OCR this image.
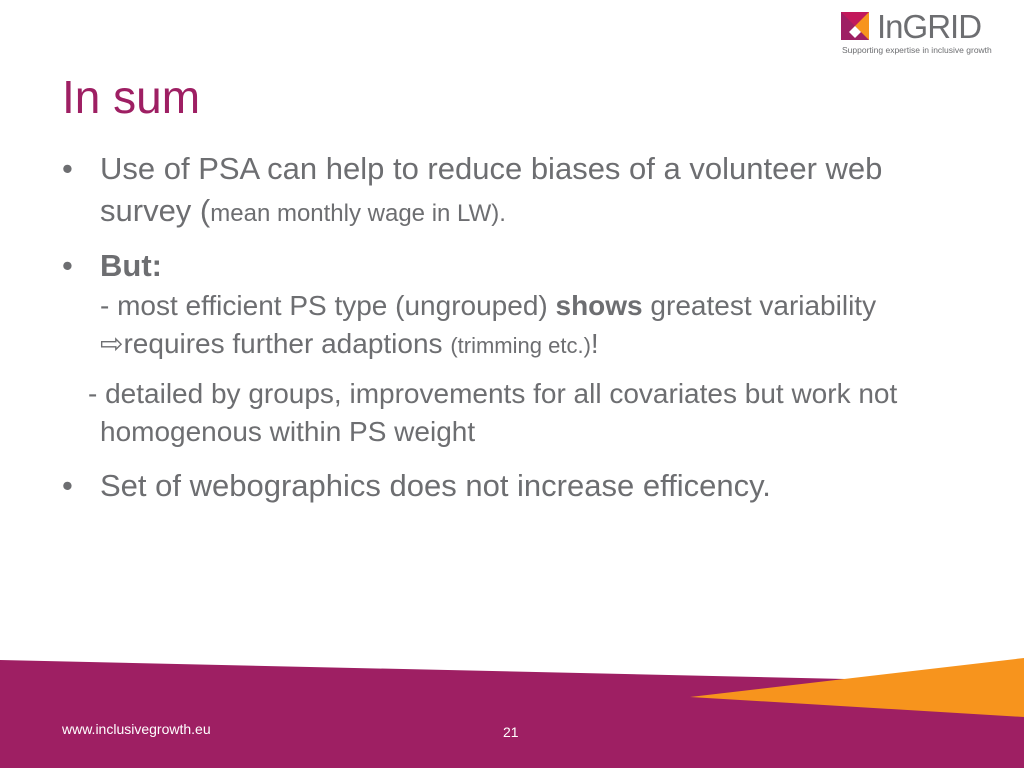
InGRID
Supporting expertise in inclusive growth
In sum
• Use of PSA can help to reduce biases of a volunteer web survey (mean monthly wage in LW).
• But:
- most efficient PS type (ungrouped) shows greatest variability
⇨requires further adaptions (trimming etc.)!
- detailed by groups, improvements for all covariates but work not homogenous within PS weight
• Set of webographics does not increase efficency.
www.inclusivegrowth.eu	21
